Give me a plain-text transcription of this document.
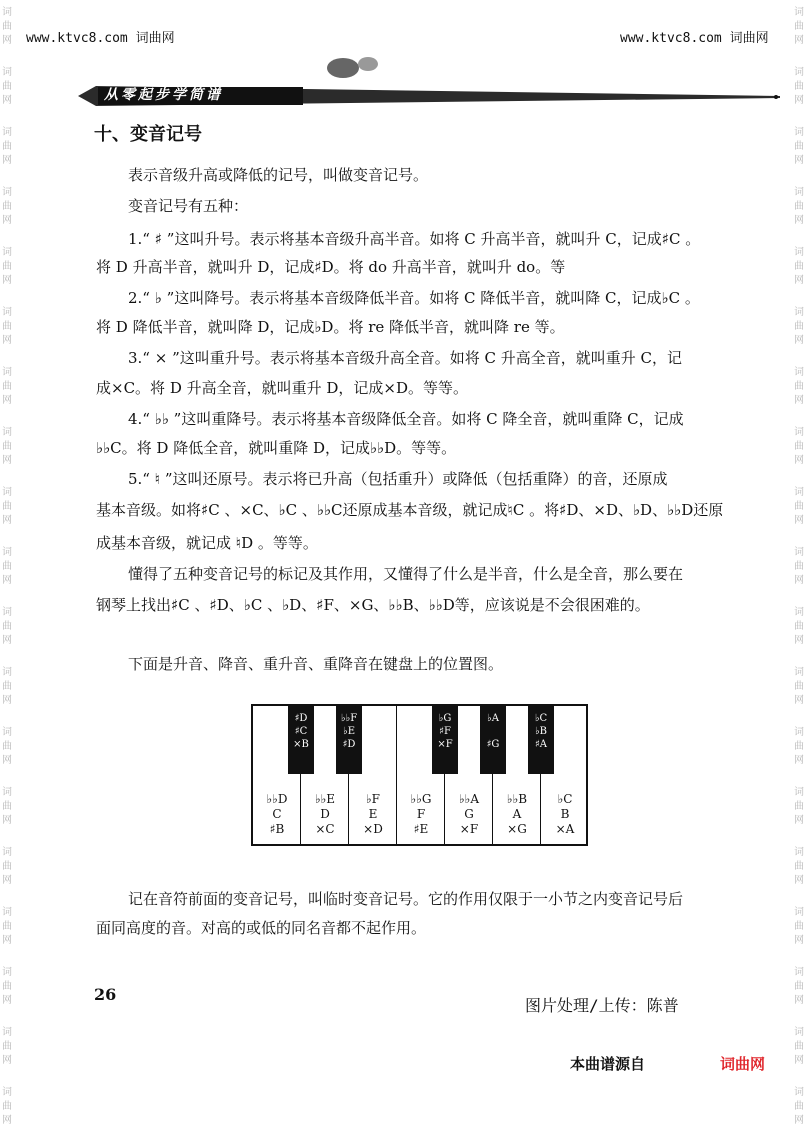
词
曲
网
词
曲
网
词
曲
网
词
曲
网
词
曲
网
词
曲
网
词
曲
网
词
曲
网
词
曲
网
词
曲
网
词
曲
网
词
曲
网
词
曲
网
词
曲
网
词
曲
网
词
曲
网
词
曲
网
词
曲
网
词
曲
网
词
曲
网
词
曲
网
词
曲
网
词
曲
网
词
曲
网
词
曲
网
词
曲
网
词
曲
网
词
曲
网
词
曲
网
词
曲
网
词
曲
网
词
曲
网
词
曲
网
词
曲
网
词
曲
网
词
曲
网
词
曲
网
词
曲
网
www.ktvc8.com 词曲网	www.ktvc8.com 词曲网
从零起步学简谱
十、变音记号
表示音级升高或降低的记号，叫做变音记号。
变音记号有五种：
1.“ ♯ ”这叫升号。表示将基本音级升高半音。如将 C 升高半音，就叫升 C，记成♯C 。
将 D 升高半音，就叫升 D，记成♯D。将 do 升高半音，就叫升 do。等
2.“ ♭ ”这叫降号。表示将基本音级降低半音。如将 C 降低半音，就叫降 C，记成♭C 。
将 D 降低半音，就叫降 D，记成♭D。将 re 降低半音，就叫降 re 等。
3.“ × ”这叫重升号。表示将基本音级升高全音。如将 C 升高全音，就叫重升 C，记
成×C。将 D 升高全音，就叫重升 D，记成×D。等等。
4.“ ♭♭ ”这叫重降号。表示将基本音级降低全音。如将 C 降全音，就叫重降 C，记成
♭♭C。将 D 降低全音，就叫重降 D，记成♭♭D。等等。
5.“ ♮ ”这叫还原号。表示将已升高（包括重升）或降低（包括重降）的音，还原成
基本音级。如将♯C 、×C、♭C 、♭♭C还原成基本音级，就记成♮C 。将♯D、×D、♭D、♭♭D还原
成基本音级，就记成 ♮D 。等等。
懂得了五种变音记号的标记及其作用，又懂得了什么是半音，什么是全音，那么要在
钢琴上找出♯C 、♯D、♭C 、♭D、♯F、×G、♭♭B、♭♭D等，应该说是不会很困难的。
下面是升音、降音、重升音、重降音在键盘上的位置图。
♭♭D
C
♯B
♭♭E
D
×C
♭F
E
×D
♭♭G
F
♯E
♭♭A
G
×F
♭♭B
A
×G
♭C
B
×A
♯D
♯C
×B
♭♭F
♭E
♯D
♭G
♯F
×F
♭A

♯G
♭C
♭B
♯A
记在音符前面的变音记号，叫临时变音记号。它的作用仅限于一小节之内变音记号后
面同高度的音。对高的或低的同名音都不起作用。
26
图片处理/上传：陈普
本曲谱源自	词曲网
